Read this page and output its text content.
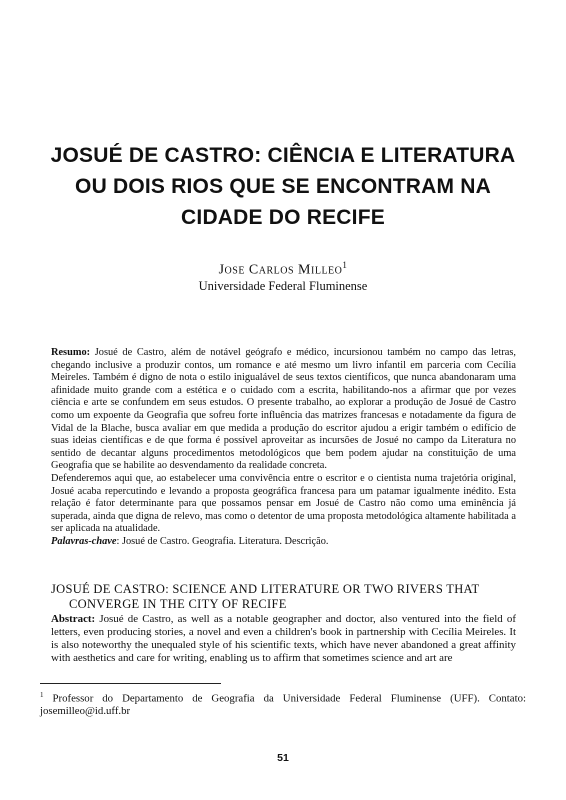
JOSUÉ DE CASTRO: CIÊNCIA E LITERATURA
OU DOIS RIOS QUE SE ENCONTRAM NA
CIDADE DO RECIFE
Jose Carlos Milleo$^1$
Universidade Federal Fluminense

Resumo: Josué de Castro, além de notável geógrafo e médico, incursionou também no campo das letras, chegando inclusive a produzir contos, um romance e até mesmo um livro infantil em parceria com Cecília Meireles. Também é digno de nota o estilo inigualável de seus textos científicos, que nunca abandonaram uma afinidade muito grande com a estética e o cuidado com a escrita, habilitando-nos a afirmar que por vezes ciência e arte se confundem em seus estudos. O presente trabalho, ao explorar a produção de Josué de Castro como um expoente da Geografia que sofreu forte influência das matrizes francesas e notadamente da figura de Vidal de la Blache, busca avaliar em que medida a produção do escritor ajudou a erigir também o edifício de suas ideias científicas e de que forma é possível aproveitar as incursões de Josué no campo da Literatura no sentido de decantar alguns procedimentos metodológicos que bem podem ajudar na constituição de uma Geografia que se habilite ao desvendamento da realidade concreta.

Defenderemos aqui que, ao estabelecer uma convivência entre o escritor e o cientista numa trajetória original, Josué acaba repercutindo e levando a proposta geográfica francesa para um patamar igualmente inédito. Esta relação é fator determinante para que possamos pensar em Josué de Castro não como uma eminência já superada, ainda que digna de relevo, mas como o detentor de uma proposta metodológica altamente habilitada a ser aplicada na atualidade.

Palavras-chave: Josué de Castro. Geografia. Literatura. Descrição.

JOSUÉ DE CASTRO: SCIENCE AND LITERATURE OR TWO RIVERS THAT
CONVERGE IN THE CITY OF RECIFE
Abstract: Josué de Castro, as well as a notable geographer and doctor, also ventured into the field of letters, even producing stories, a novel and even a children's book in partnership with Cecília Meireles. It is also noteworthy the unequaled style of his scientific texts, which have never abandoned a great affinity with aesthetics and care for writing, enabling us to affirm that sometimes science and art are
$^1$ Professor do Departamento de Geografia da Universidade Federal Fluminense (UFF). Contato: josemilleo@id.uff.br
51
